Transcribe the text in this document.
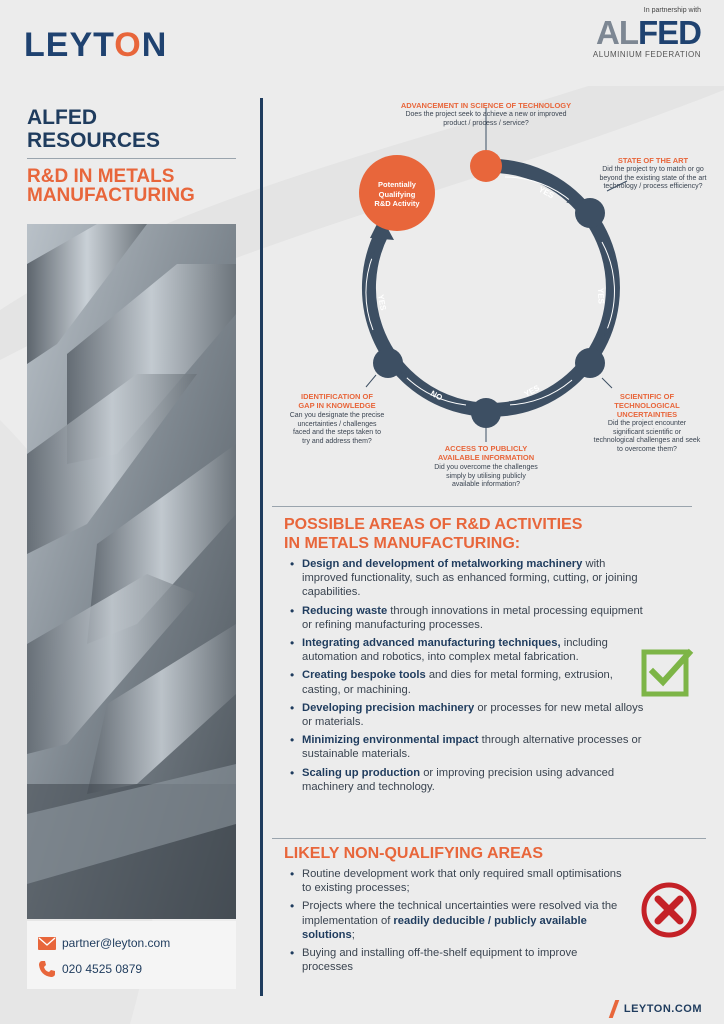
LEYTON
In partnership with
ALFED
ALUMINIUM FEDERATION
ALFED
RESOURCES
R&D IN METALS
MANUFACTURING
partner@leyton.com
020 4525 0879
YES
YES
YES
NO
YES
Potentially
Qualifying
R&D Activity
ADVANCEMENT IN SCIENCE OF TECHNOLOGY
Does the project seek to achieve a new or improved
product / process / service?
STATE OF THE ART
Did the project try to match or go
beyond the existing state of the art
technology / process efficiency?
SCIENTIFIC OF
TECHNOLOGICAL
UNCERTAINTIES
Did the project encounter
significant scientific or
technological challenges and seek
to overcome them?
ACCESS TO PUBLICLY
AVAILABLE INFORMATION
Did you overcome the challenges
simply by utilising publicly
available information?
IDENTIFICATION OF
GAP IN KNOWLEDGE
Can you designate the precise
uncertainties / challenges
faced and the steps taken to
try and address them?
POSSIBLE AREAS OF R&D ACTIVITIES
IN METALS MANUFACTURING:
• Design and development of metalworking machinery with improved functionality, such as enhanced forming, cutting, or joining capabilities.
• Reducing waste through innovations in metal processing equipment or refining manufacturing processes.
• Integrating advanced manufacturing techniques, including automation and robotics, into complex metal fabrication.
• Creating bespoke tools and dies for metal forming, extrusion, casting, or machining.
• Developing precision machinery or processes for new metal alloys or materials.
• Minimizing environmental impact through alternative processes or sustainable materials.
• Scaling up production or improving precision using advanced machinery and technology.
LIKELY NON-QUALIFYING AREAS
• Routine development work that only required small optimisations to existing processes;
• Projects where the technical uncertainties were resolved via the implementation of readily deducible / publicly available solutions;
• Buying and installing off-the-shelf equipment to improve processes
LEYTON.COM
